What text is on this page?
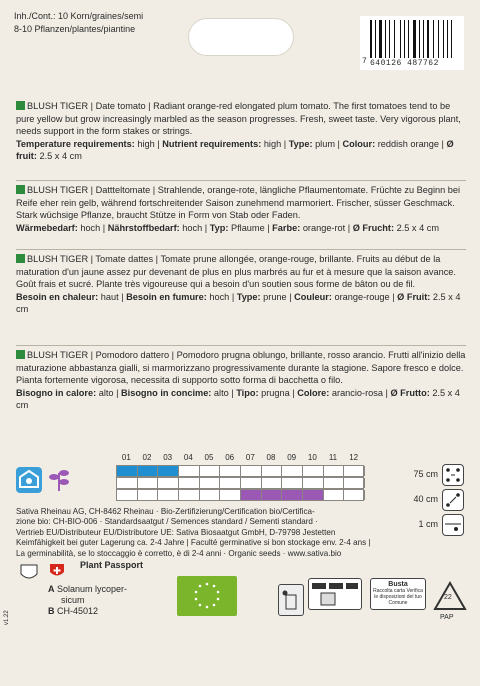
Inh./Cont.: 10 Korn/graines/semi
8-10 Pflanzen/plantes/piantine
640126 487762
7
BLUSH TIGER | Date tomato | Radiant orange-red elongated plum tomato. The first tomatoes tend to be pure yellow but grow increasingly marbled as the season progresses. Fresh, sweet taste. Very vigorous plant, needs support in the form stakes or strings.
Temperature requirements: high | Nutrient requirements: high | Type: plum | Colour: reddish orange | Ø fruit: 2.5 x 4 cm
BLUSH TIGER | Dattteltomate | Strahlende, orange-rote, längliche Pflaumentomate. Früchte zu Beginn bei Reife eher rein gelb, während fortschreitender Saison zunehmend marmoriert. Frischer, süsser Geschmack. Stark wüchsige Pflanze, braucht Stütze in Form von Stab oder Faden.
Wärmebedarf: hoch | Nährstoffbedarf: hoch | Typ: Pflaume | Farbe: orange-rot | Ø Frucht: 2.5 x 4 cm
BLUSH TIGER | Tomate dattes | Tomate prune allongée, orange-rouge, brillante. Fruits au début de la maturation d'un jaune assez pur devenant de plus en plus marbrés au fur et à mesure que la saison avance. Goût frais et sucré. Plante très vigoureuse qui a besoin d'un soutien sous forme de bâton ou de fil.
Besoin en chaleur: haut | Besoin en fumure: hoch | Type: prune | Couleur: orange-rouge | Ø Fruit: 2.5 x 4 cm
BLUSH TIGER | Pomodoro dattero | Pomodoro prugna oblungo, brillante, rosso arancio. Frutti all'inizio della maturazione abbastanza gialli, si marmorizzano progressivamente durante la stagione. Sapore fresco e dolce. Pianta fortemente vigorosa, necessita di supporto sotto forma di bacchetta o filo.
Bisogno in calore: alto | Bisogno in concime: alto | Tipo: prugna | Colore: arancio-rosa | Ø Frutto: 2.5 x 4 cm
01	02	03	04	05	06	07	08	09	10	11	12
75 cm
40 cm
1 cm
Sativa Rheinau AG, CH-8462 Rheinau · Bio-Zertifizierung/Certification bio/Certifica-
zione bio: CH-BIO-006 · Standardsaatgut / Semences standard / Sementi standard ·
Vertrieb EU/Distributeur EU/Distributore UE: Sativa Biosaatgut GmbH, D-79798 Jestetten
Keimfähigkeit bei guter Lagerung ca. 2-4 Jahre | Faculté germinative si bon stockage env. 2-4 ans |
La germinabilità, se lo stoccaggio è corretto, è di 2-4 anni · Organic seeds · www.sativa.bio
Plant Passport
A Solanum lycoper-
sicum
B CH-45012
v1.22
Busta
Raccolta carta Verifica le disposizioni del tuo Comune
22
PAP
